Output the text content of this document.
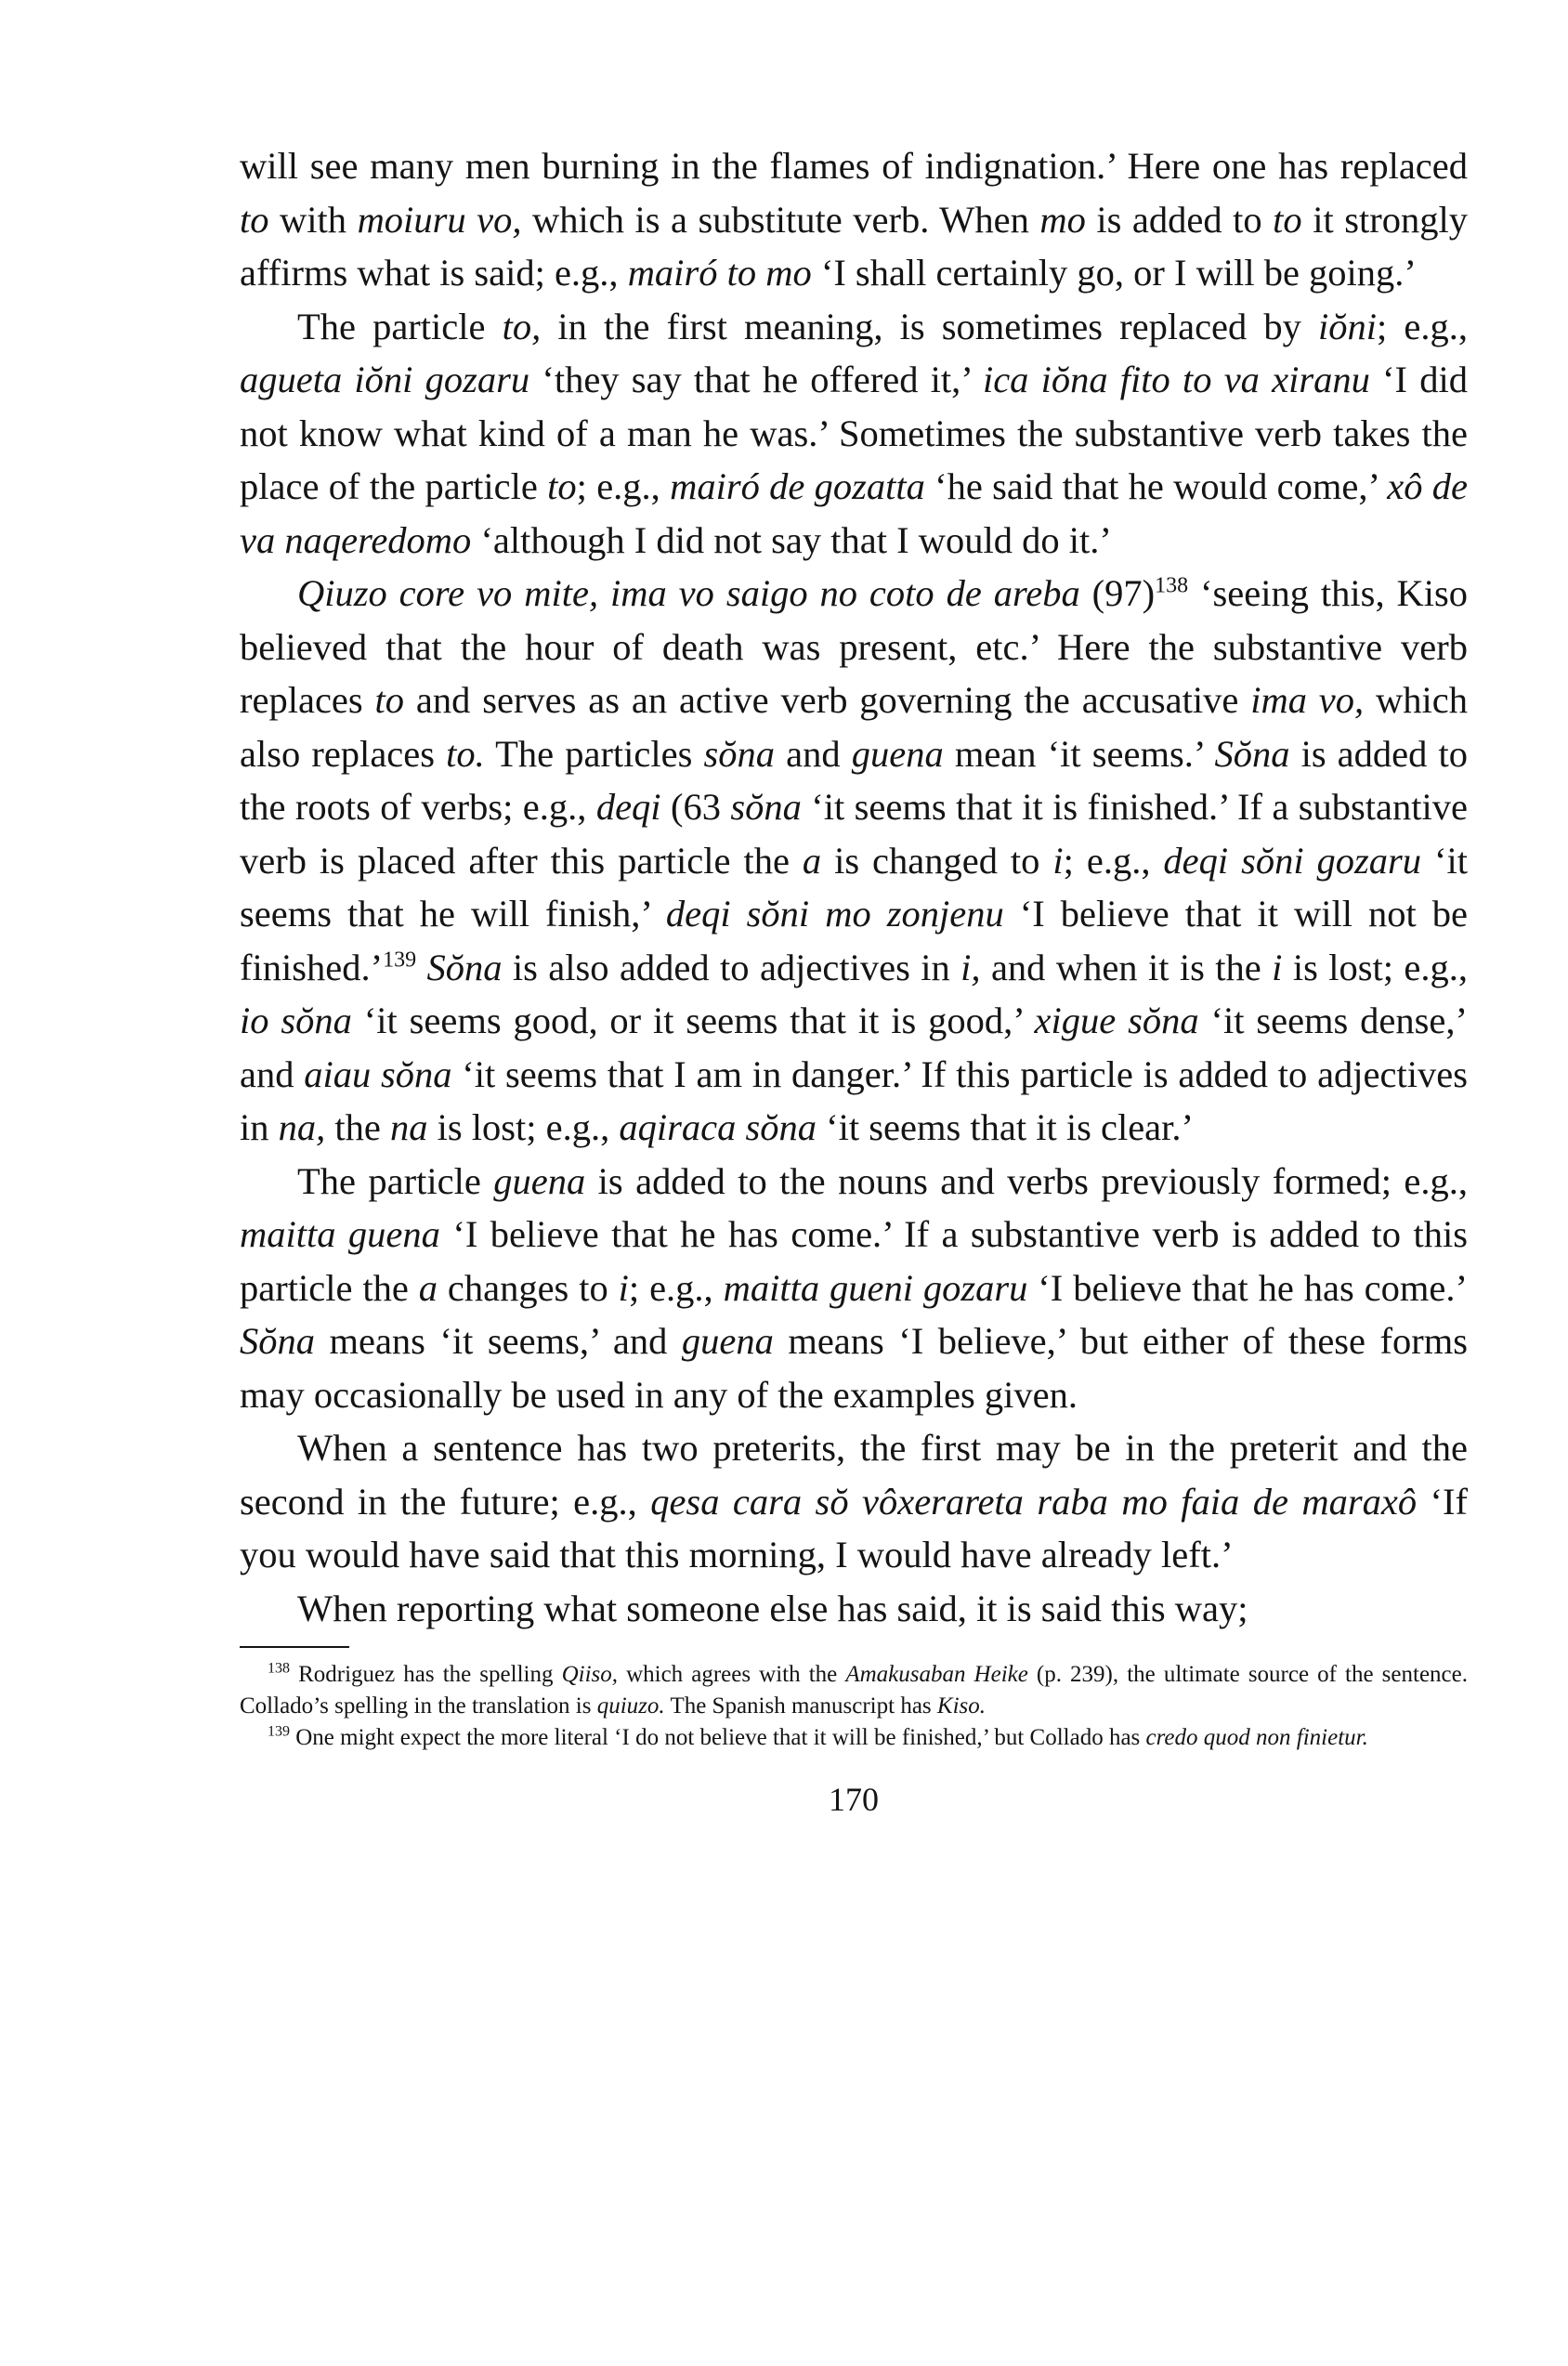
will see many men burning in the flames of indignation.’ Here one has replaced to with moiuru vo, which is a substitute verb. When mo is added to to it strongly affirms what is said; e.g., mairó to mo ‘I shall certainly go, or I will be going.’

The particle to, in the first meaning, is sometimes replaced by iŏni; e.g., agueta iŏni gozaru ‘they say that he offered it,’ ica iŏna fito to va xiranu ‘I did not know what kind of a man he was.’ Sometimes the substantive verb takes the place of the particle to; e.g., mairó de gozatta ‘he said that he would come,’ xô de va naqeredomo ‘although I did not say that I would do it.’

Qiuzo core vo mite, ima vo saigo no coto de areba $(97)^{138}$ ‘seeing this, Kiso believed that the hour of death was present, etc.’ Here the substantive verb replaces to and serves as an active verb governing the accusative ima vo, which also replaces to. The particles sŏna and guena mean ‘it seems.’ Sŏna is added to the roots of verbs; e.g., deqi (63 sŏna ‘it seems that it is finished.’ If a substantive verb is placed after this particle the a is changed to i; e.g., deqi sŏni gozaru ‘it seems that he will finish,’ deqi sŏni mo zonjenu ‘I believe that it will not be finished.’$^{139}$ Sŏna is also added to adjectives in i, and when it is the i is lost; e.g., io sŏna ‘it seems good, or it seems that it is good,’ xigue sŏna ‘it seems dense,’ and aiau sŏna ‘it seems that I am in danger.’ If this particle is added to adjectives in na, the na is lost; e.g., aqiraca sŏna ‘it seems that it is clear.’

The particle guena is added to the nouns and verbs previously formed; e.g., maitta guena ‘I believe that he has come.’ If a substantive verb is added to this particle the a changes to i; e.g., maitta gueni gozaru ‘I believe that he has come.’ Sŏna means ‘it seems,’ and guena means ‘I believe,’ but either of these forms may occasionally be used in any of the examples given.

When a sentence has two preterits, the first may be in the preterit and the second in the future; e.g., qesa cara sŏ vôxerareta raba mo faia de maraxô ‘If you would have said that this morning, I would have already left.’

When reporting what someone else has said, it is said this way;

$^{138}$ Rodriguez has the spelling Qiiso, which agrees with the Amakusaban Heike (p. 239), the ultimate source of the sentence. Collado’s spelling in the translation is quiuzo. The Spanish manuscript has Kiso.

$^{139}$ One might expect the more literal ‘I do not believe that it will be finished,’ but Collado has credo quod non finietur.

170
